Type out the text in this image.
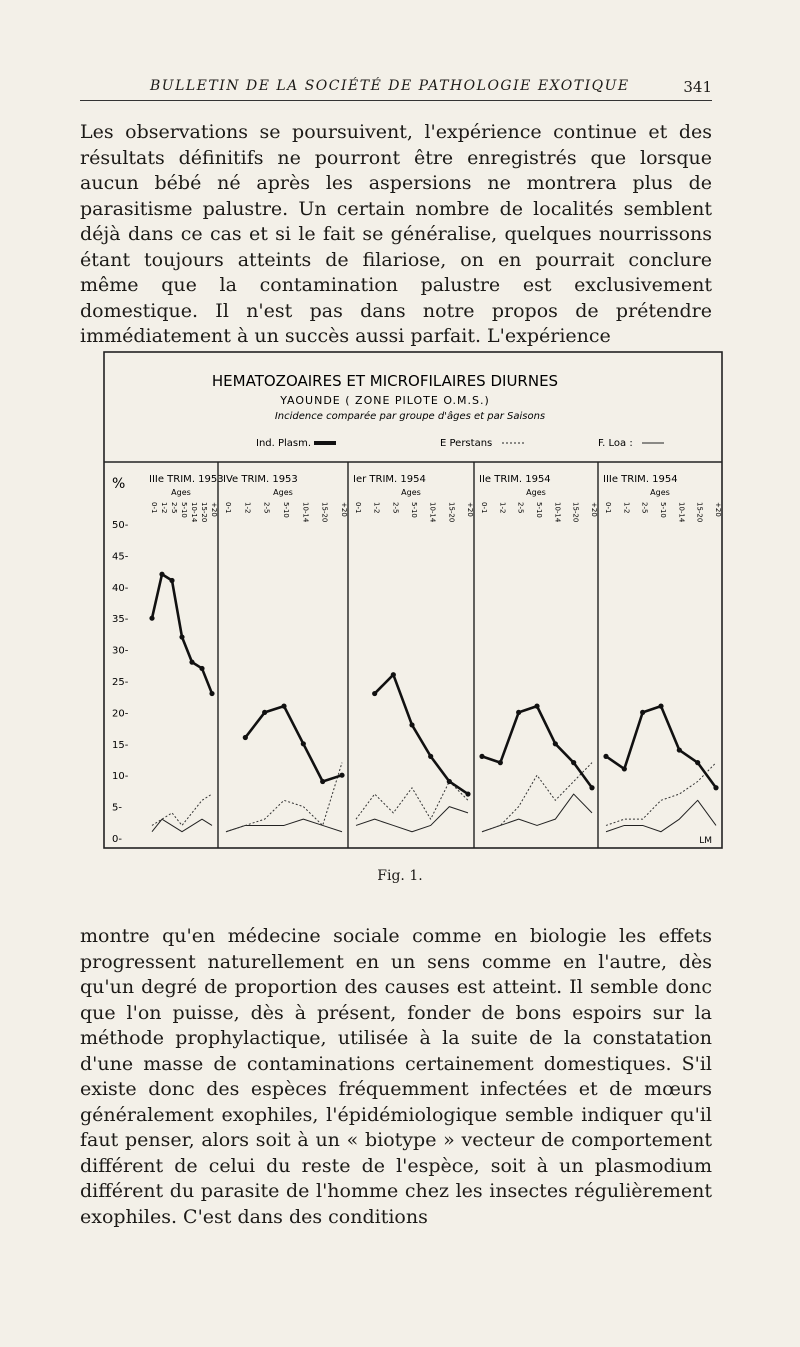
BULLETIN DE LA SOCIÉTÉ DE PATHOLOGIE EXOTIQUE	341

Les observations se poursuivent, l'expérience continue et des résultats définitifs ne pourront être enregistrés que lorsque aucun bébé né après les aspersions ne montrera plus de parasitisme palustre. Un certain nombre de localités semblent déjà dans ce cas et si le fait se généralise, quelques nourrissons étant toujours atteints de filariose, on en pourrait conclure même que la contamination palustre est exclusivement domestique. Il n'est pas dans notre propos de prétendre immédiatement à un succès aussi parfait. L'expérience

HEMATOZOAIRES ET MICROFILAIRES DIURNES
YAOUNDE ( ZONE PILOTE O.M.S.)
Incidence comparée par groupe d'âges et par Saisons
Ind. Plasm.	E Perstans	F. Loa :
%
50-
45-
40-
35-
30-
25-
20-
15-
10-
5-
0-
IIIe TRIM. 1953
Ages
0-1 1-2 2-5 5-10 10-14 15-20 +20
IVe TRIM. 1953
Ages
0-1 1-2 2-5 5-10 10-14 15-20 +20
Ier TRIM. 1954
Ages
0-1 1-2 2-5 5-10 10-14 15-20 +20
IIe TRIM. 1954
Ages
0-1 1-2 2-5 5-10 10-14 15-20 +20
IIIe TRIM. 1954
Ages
0-1 1-2 2-5 5-10 10-14 15-20 +20
LM
Fig. 1.

montre qu'en médecine sociale comme en biologie les effets progressent naturellement en un sens comme en l'autre, dès qu'un degré de proportion des causes est atteint. Il semble donc que l'on puisse, dès à présent, fonder de bons espoirs sur la méthode prophylactique, utilisée à la suite de la constatation d'une masse de contaminations certainement domestiques. S'il existe donc des espèces fréquemment infectées et de mœurs généralement exophiles, l'épidémiologique semble indiquer qu'il faut penser, alors soit à un « biotype » vecteur de comportement différent de celui du reste de l'espèce, soit à un plasmodium différent du parasite de l'homme chez les insectes régulièrement exophiles. C'est dans des conditions
